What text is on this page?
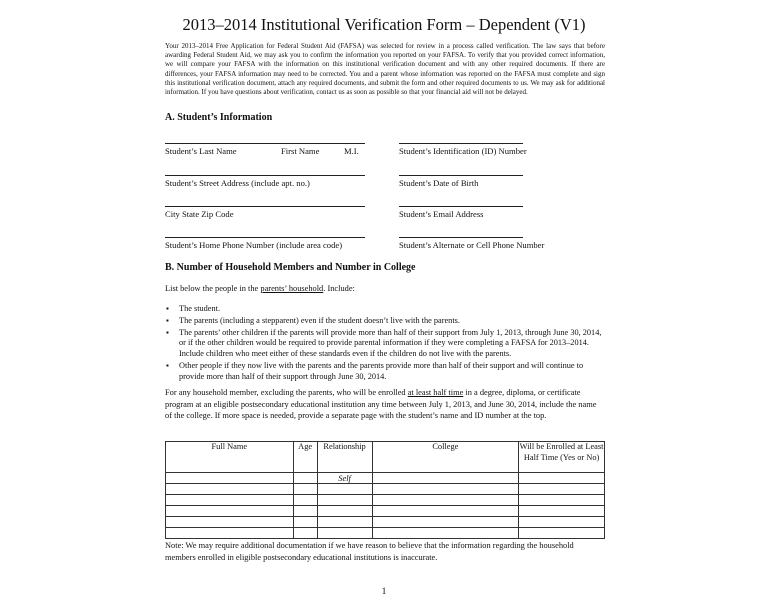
2013–2014 Institutional Verification Form – Dependent (V1)
Your 2013–2014 Free Application for Federal Student Aid (FAFSA) was selected for review in a process called verification. The law says that before awarding Federal Student Aid, we may ask you to confirm the information you reported on your FAFSA. To verify that you provided correct information, we will compare your FAFSA with the information on this institutional verification document and with any other required documents. If there are differences, your FAFSA information may need to be corrected. You and a parent whose information was reported on the FAFSA must complete and sign this institutional verification document, attach any required documents, and submit the form and other required documents to us. We may ask for additional information. If you have questions about verification, contact us as soon as possible so that your financial aid will not be delayed.
A. Student’s Information
Student’s Last Name	First Name	M.I.	Student’s Identification (ID) Number
Student’s Street Address (include apt. no.)	Student’s Date of Birth
City State Zip Code	Student’s Email Address
Student’s Home Phone Number (include area code)	Student’s Alternate or Cell Phone Number
B. Number of Household Members and Number in College
List below the people in the parents’ household. Include:
▪ The student.
▪ The parents (including a stepparent) even if the student doesn’t live with the parents.
▪ The parents’ other children if the parents will provide more than half of their support from July 1, 2013, through June 30, 2014, or if the other children would be required to provide parental information if they were completing a FAFSA for 2013–2014. Include children who meet either of these standards even if the children do not live with the parents.
▪ Other people if they now live with the parents and the parents provide more than half of their support and will continue to provide more than half of their support through June 30, 2014.
For any household member, excluding the parents, who will be enrolled at least half time in a degree, diploma, or certificate program at an eligible postsecondary educational institution any time between July 1, 2013, and June 30, 2014, include the name of the college. If more space is needed, provide a separate page with the student’s name and ID number at the top.
Full Name	Age	Relationship	College	Will be Enrolled at Least Half Time (Yes or No)
		Self		

Note: We may require additional documentation if we have reason to believe that the information regarding the household members enrolled in eligible postsecondary educational institutions is inaccurate.
1
